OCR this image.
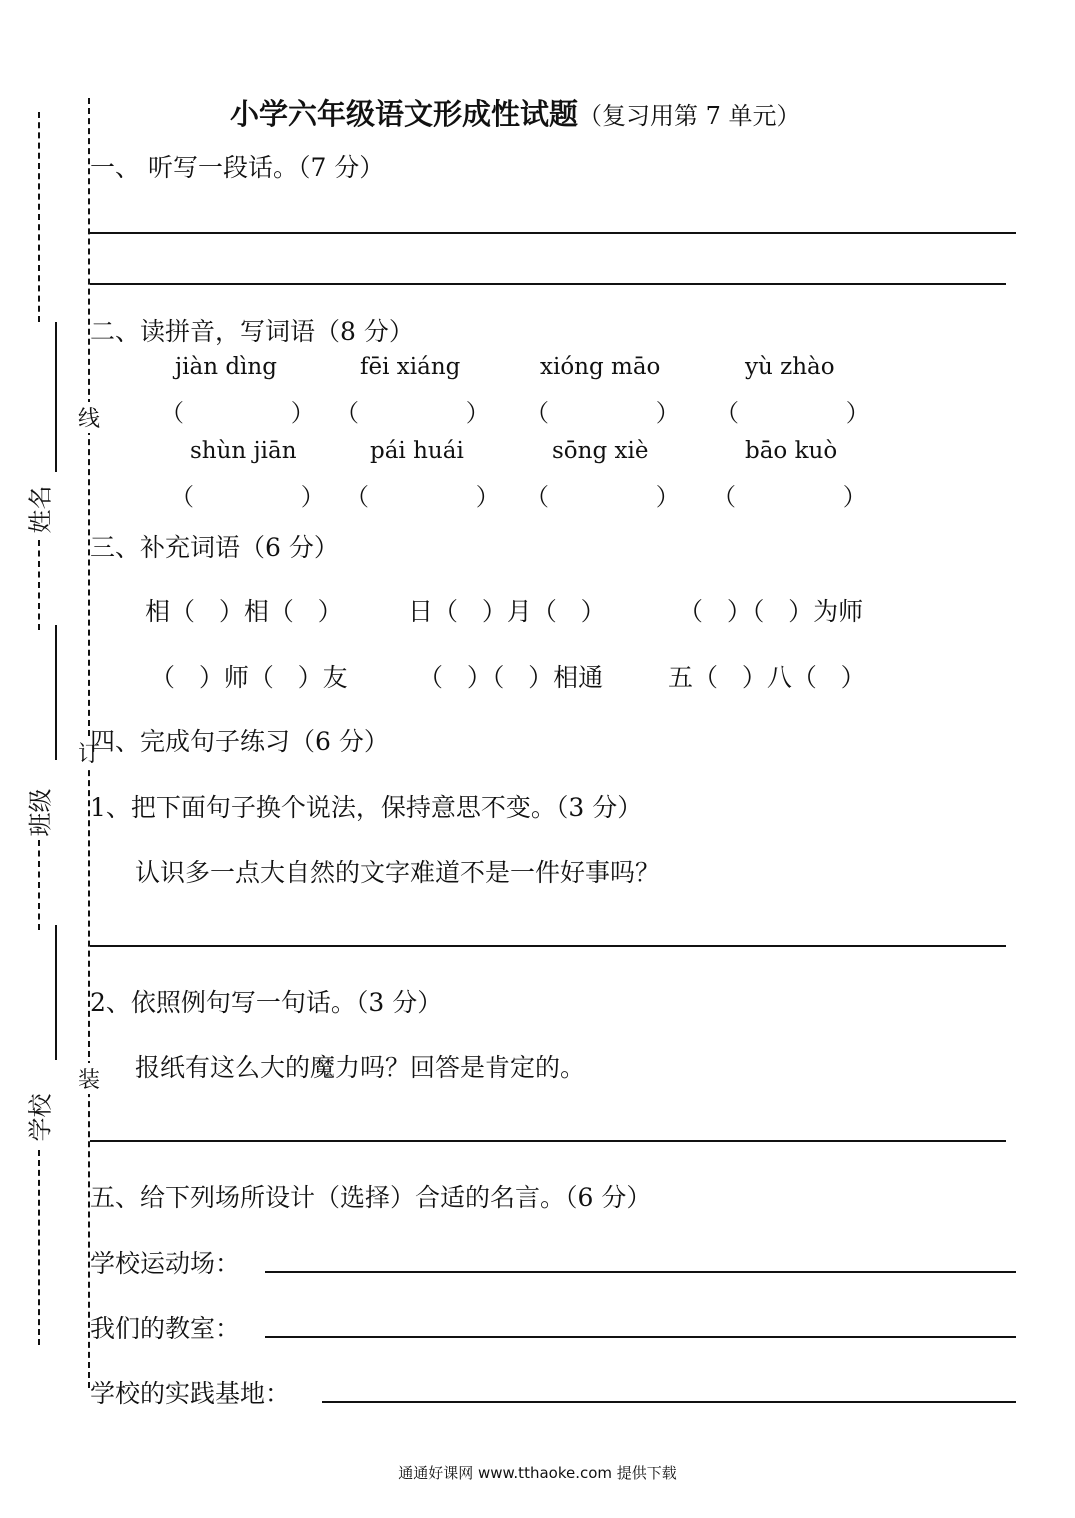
姓名
班级
学校
线
订
装
小学六年级语文形成性试题（复习用第 7 单元）
一、 听写一段话。（7 分）
二、读拼音，写词语（8 分）
jiàn dìng	fēi xiáng	xióng māo	yù zhào
（              ） （              ） （              ） （              ）
shùn jiān	pái huái	sōng xiè	bāo kuò
（              ） （              ） （              ） （              ）
三、补充词语（6 分）
相（   ）相（   ）	日（   ）月（   ）	（   ）（   ）为师
（   ）师（   ）友	（   ）（   ）相通	五（   ）八（   ）
四、完成句子练习（6 分）
1、把下面句子换个说法，保持意思不变。（3 分）
认识多一点大自然的文字难道不是一件好事吗？
2、依照例句写一句话。（3 分）
报纸有这么大的魔力吗？回答是肯定的。
五、给下列场所设计（选择）合适的名言。（6 分）
学校运动场：
我们的教室：
学校的实践基地：
通通好课网 www.tthaoke.com 提供下载
